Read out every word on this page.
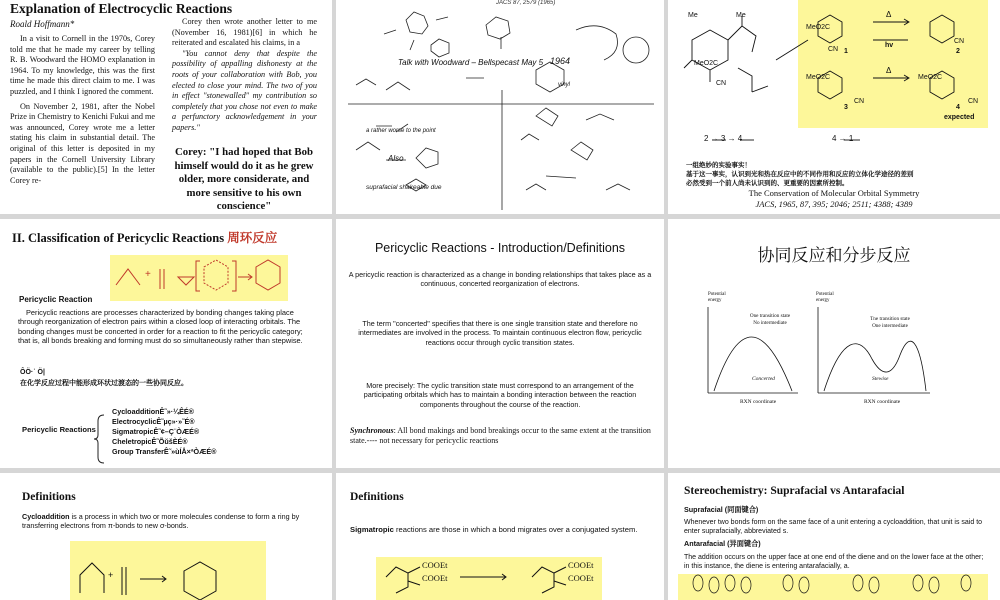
Explanation of Electrocyclic Reactions
Roald Hoffmann*

In a visit to Cornell in the 1970s, Corey told me that he made my career by telling R. B. Woodward the HOMO explanation in 1964. To my knowledge, this was the first time he made this direct claim to me. I was puzzled, and I think I ignored the comment.

On November 2, 1981, after the Nobel Prize in Chemistry to Kenichi Fukui and me was announced, Corey wrote me a letter stating his claim in substantial detail. The original of this letter is deposited in my papers in the Cornell University Library (available to the public).[5] In the letter Corey re-

Corey then wrote another letter to me (November 16, 1981)[6] in which he reiterated and escalated his claims, in a

"You cannot deny that despite the possibility of appalling dishonesty at the roots of your collaboration with Bob, you elected to close your mind. The two of you in effect "stonewalled" my contribution so completely that you chose not even to make a perfunctory acknowledgement in your papers."

Corey: "I had hoped that Bob himself would do it as he grew older, more considerate, and more sensitive to his own conscience"
JACS 87, 2579 (1965)
1964
Talk with Woodward – Bellspecast May 5
vinyl
a rather worse to the point
Also
suprafacial shakeable due
Me	Me
MeO2C
CN
MeO2C
CN
CN
MeO2C
CN
MeO2C
CN
1	2
3	4
expected
Δ
hv
Δ
2 → 3 → 4	4 → 1
一组绝妙的实验事实！
基于这一事实，认识到光和热在反应中的不同作用和反应的立体化学途径的差别
必然受到一个前人尚未认识到的、更重要的因素所控制。
The Conservation of Molecular Orbital Symmetry
JACS, 1965, 87, 395; 2046; 2511; 4388; 4389
II. Classification of Pericyclic Reactions 周环反应
+
Pericyclic Reaction
Pericyclic reactions are processes characterized by bonding changes taking place through reorganization of electron pairs within a closed loop of interacting orbitals. The bonding changes must be concerted in order for a reaction to fit the pericyclic category; that is, all bonds breaking and forming must do so simultaneously rather than stepwise.
ÔÖ·˙ Ö|
在化学反应过程中能形成环状过渡态的一些协同反应。
Pericyclic Reactions
CycloadditionÊ˜»·¼ÊÉ®
ElectrocyclicÊ˜µç»·»˜É®
SigmatropicÊ˜¢–Ç¨ÒÆÉ®
CheletropicÊ˜ÕŭšÈÉ®
Group TransferÊ˜»ùÍÅ×ªÒÆÉ®
Pericyclic Reactions - Introduction/Definitions
A pericyclic reaction is characterized as a change in bonding relationships that takes place as a continuous, concerted reorganization of electrons.
The term "concerted" specifies that there is one single transition state and therefore no intermediates are involved in the process. To maintain continuous electron flow, pericyclic reactions occur through cyclic transition states.
More precisely: The cyclic transition state must correspond to an arrangement of the participating orbitals which has to maintain a bonding interaction between the reaction components throughout the course of the reaction.
Synchronous: All bond makings and bond breakings occur to the same extent at the transition state.---- not necessary for pericyclic reactions
协同反应和分步反应
Potential energy
Potential energy
One transition state
No intermediate
Tne transition state
One intermediate
Concerted	Stewise
RXN coordinate	RXN coordinate
Definitions
Cycloaddition is a process in which two or more molecules condense to form a ring by transferring electrons from π-bonds to new σ-bonds.
+
Definitions
Sigmatropic reactions are those in which a bond migrates over a conjugated system.
COOEt
COOEt
COOEt
COOEt
Stereochemistry: Suprafacial vs Antarafacial
Suprafacial (同面键合)
Whenever two bonds form on the same face of a unit entering a cycloaddition, that unit is said to enter suprafacially, abbreviated s.
Antarafacial (异面键合)
The addition occurs on the upper face at one end of the diene and on the lower face at the other; in this instance, the diene is entering antarafacially, a.
